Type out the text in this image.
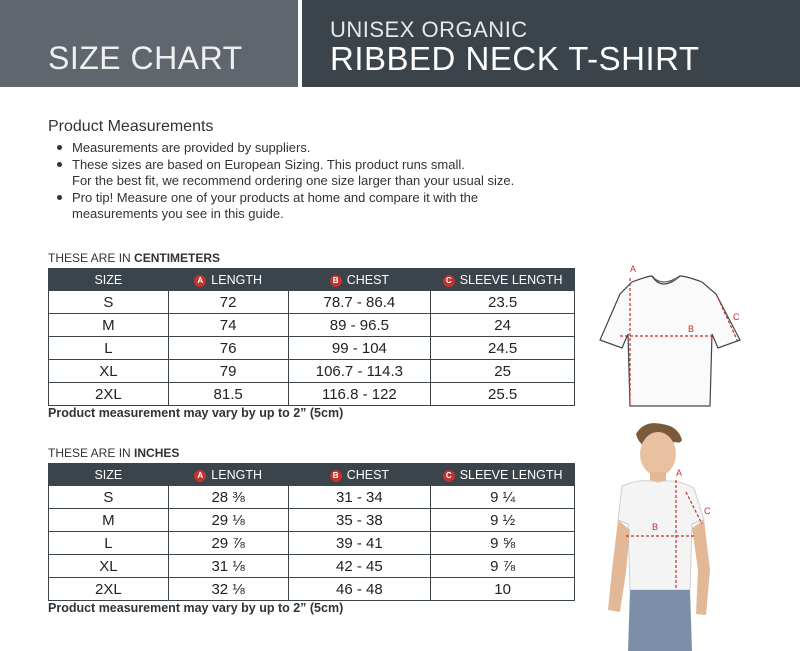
SIZE CHART
UNISEX ORGANIC
RIBBED NECK T-SHIRT
Product Measurements
Measurements are provided by suppliers.
These sizes are based on European Sizing. This product runs small.
For the best fit, we recommend ordering one size larger than your usual size.
Pro tip! Measure one of your products at home and compare it with the
measurements you see in this guide.
THESE ARE IN CENTIMETERS
SIZE	A LENGTH	B CHEST	C SLEEVE LENGTH
S	72	78.7 - 86.4	23.5
M	74	89 - 96.5	24
L	76	99 - 104	24.5
XL	79	106.7 - 114.3	25
2XL	81.5	116.8 - 122	25.5
Product measurement may vary by up to 2” (5cm)
THESE ARE IN INCHES
SIZE	A LENGTH	B CHEST	C SLEEVE LENGTH
S	28 ⅜	31 - 34	9 ¼
M	29 ⅛	35 - 38	9 ½
L	29 ⅞	39 - 41	9 ⅝
XL	31 ⅛	42 - 45	9 ⅞
2XL	32 ⅛	46 - 48	10
Product measurement may vary by up to 2” (5cm)
A
B
C
A
B
C
